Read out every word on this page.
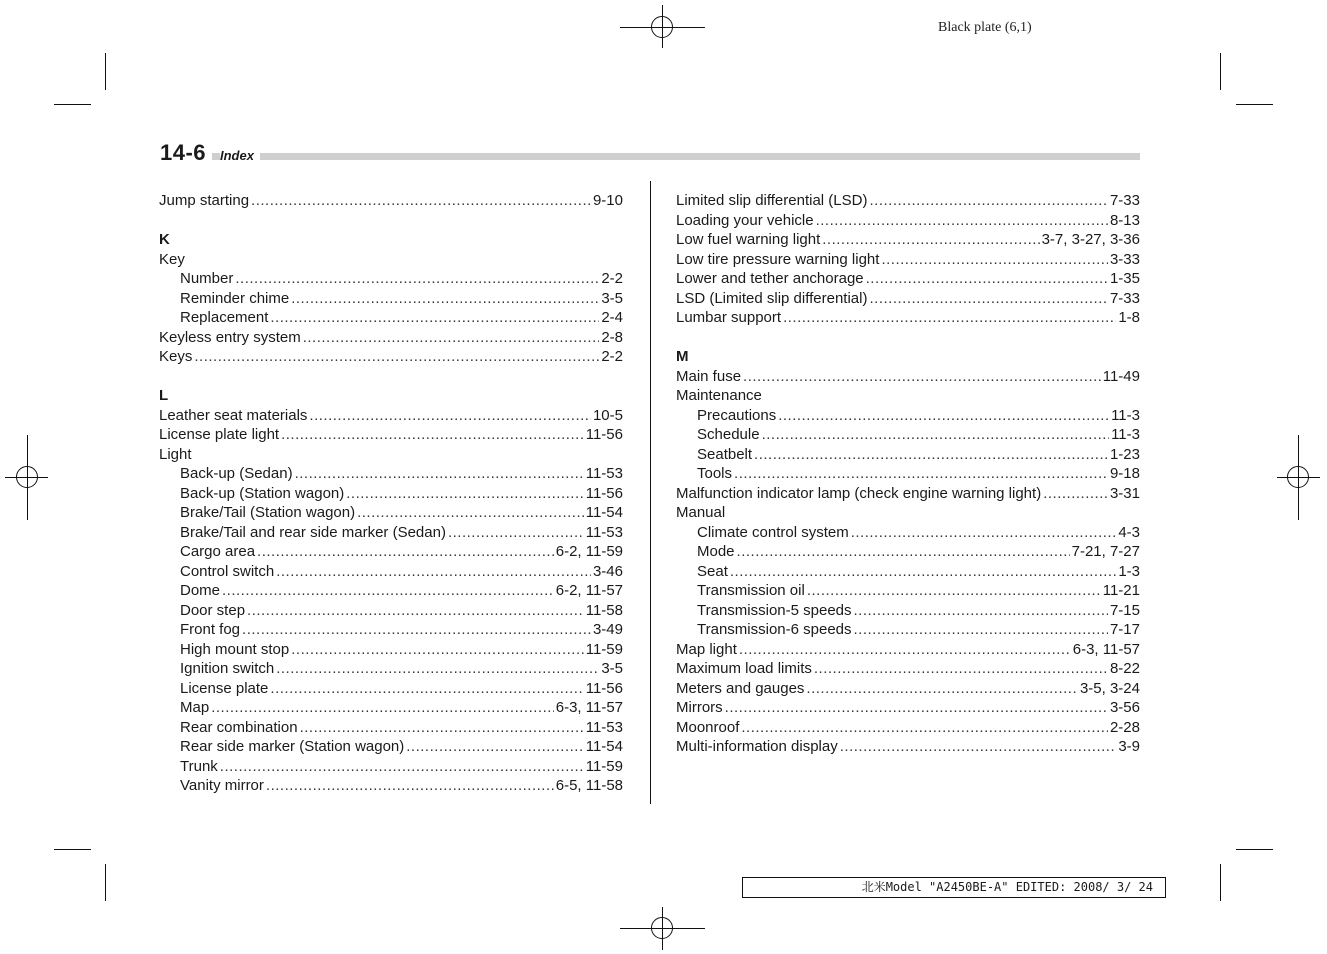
Black plate (6,1)
14-6	Index
Jump starting .....	9-10
K
Key
Number .....	2-2
Reminder chime .....	3-5
Replacement .....	2-4
Keyless entry system .....	2-8
Keys .....	2-2
L
Leather seat materials .....	10-5
License plate light .....	11-56
Light
Back-up (Sedan) .....	11-53
Back-up (Station wagon) .....	11-56
Brake/Tail (Station wagon) .....	11-54
Brake/Tail and rear side marker (Sedan) .....	11-53
Cargo area .....	6-2, 11-59
Control switch .....	3-46
Dome .....	6-2, 11-57
Door step .....	11-58
Front fog .....	3-49
High mount stop .....	11-59
Ignition switch .....	3-5
License plate .....	11-56
Map .....	6-3, 11-57
Rear combination .....	11-53
Rear side marker (Station wagon) .....	11-54
Trunk .....	11-59
Vanity mirror .....	6-5, 11-58
Limited slip differential (LSD) .....	7-33
Loading your vehicle .....	8-13
Low fuel warning light .....	3-7, 3-27, 3-36
Low tire pressure warning light .....	3-33
Lower and tether anchorage .....	1-35
LSD (Limited slip differential) .....	7-33
Lumbar support .....	1-8
M
Main fuse .....	11-49
Maintenance
Precautions .....	11-3
Schedule .....	11-3
Seatbelt .....	1-23
Tools .....	9-18
Malfunction indicator lamp (check engine warning light) .....	3-31
Manual
Climate control system .....	4-3
Mode .....	7-21, 7-27
Seat .....	1-3
Transmission oil .....	11-21
Transmission-5 speeds .....	7-15
Transmission-6 speeds .....	7-17
Map light .....	6-3, 11-57
Maximum load limits .....	8-22
Meters and gauges .....	3-5, 3-24
Mirrors .....	3-56
Moonroof .....	2-28
Multi-information display .....	3-9
北米Model "A2450BE-A" EDITED: 2008/ 3/ 24
